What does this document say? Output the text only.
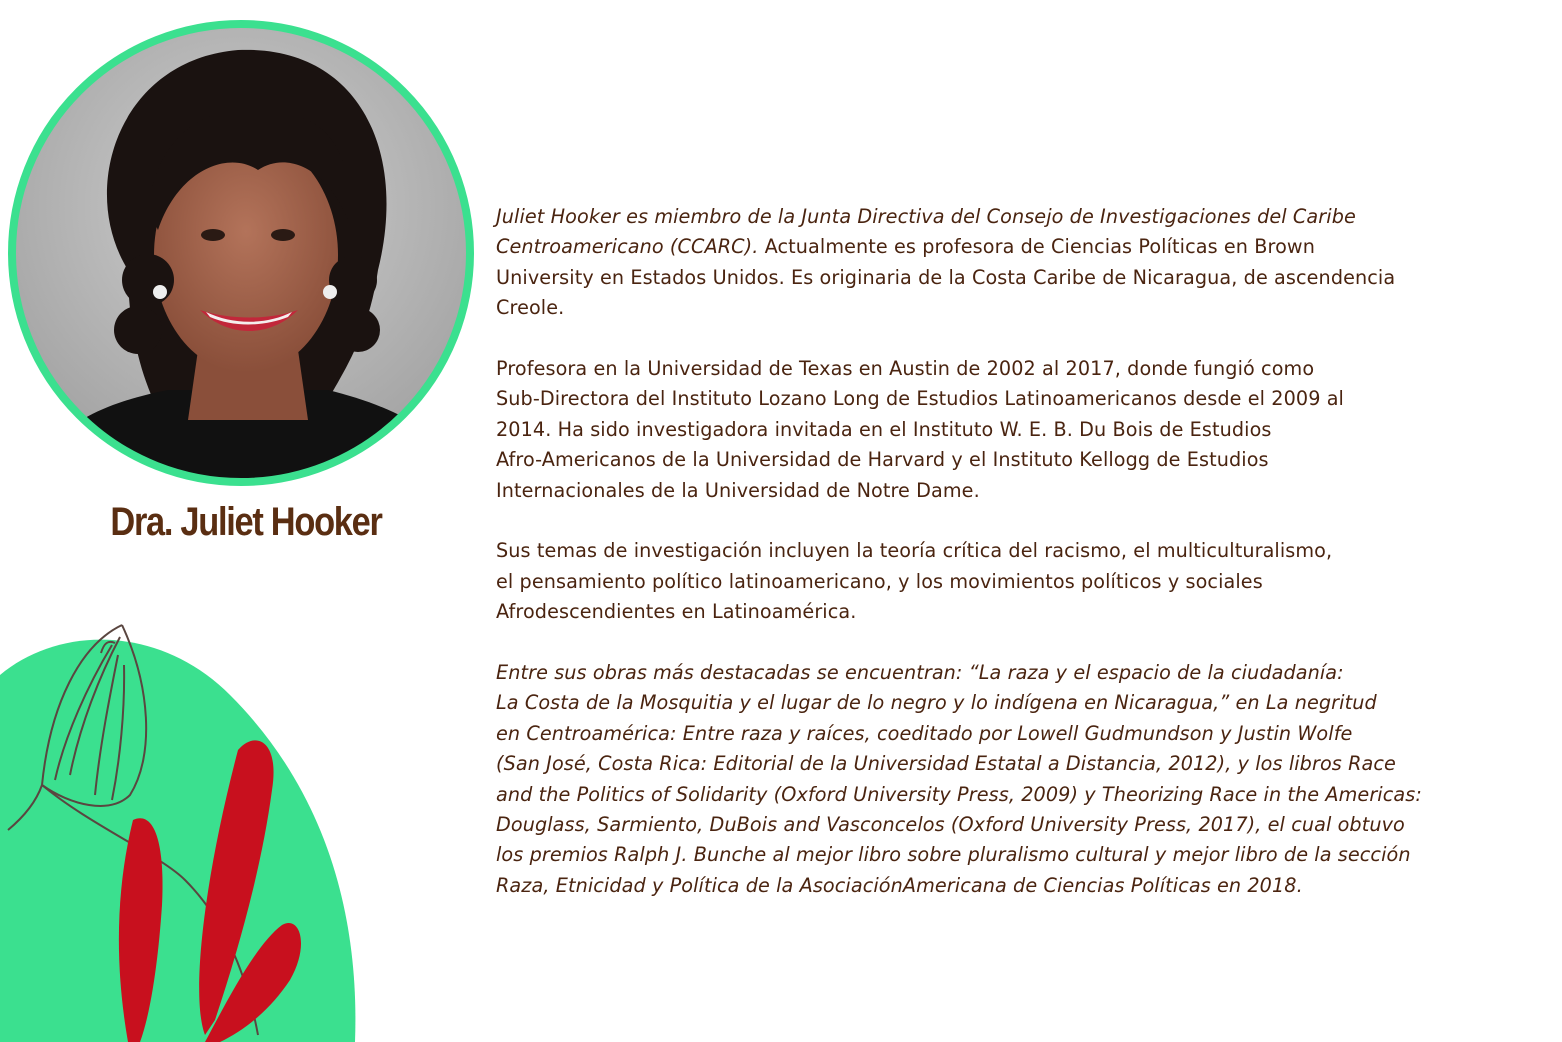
Dra. Juliet Hooker

Juliet Hooker es miembro de la Junta Directiva del Consejo de Investigaciones del Caribe
Centroamericano (CCARC). Actualmente es profesora de Ciencias Políticas en Brown
University en Estados Unidos. Es originaria de la Costa Caribe de Nicaragua, de ascendencia
Creole.

Profesora en la Universidad de Texas en Austin de 2002 al 2017, donde fungió como
Sub-Directora del Instituto Lozano Long de Estudios Latinoamericanos desde el 2009 al
2014. Ha sido investigadora invitada en el Instituto W. E. B. Du Bois de Estudios
Afro-Americanos de la Universidad de Harvard y el Instituto Kellogg de Estudios
Internacionales de la Universidad de Notre Dame.

Sus temas de investigación incluyen la teoría crítica del racismo, el multiculturalismo,
el pensamiento político latinoamericano, y los movimientos políticos y sociales
Afrodescendientes en Latinoamérica.

Entre sus obras más destacadas se encuentran: “La raza y el espacio de la ciudadanía:
La Costa de la Mosquitia y el lugar de lo negro y lo indígena en Nicaragua,” en La negritud
en Centroamérica: Entre raza y raíces, coeditado por Lowell Gudmundson y Justin Wolfe
(San José, Costa Rica: Editorial de la Universidad Estatal a Distancia, 2012), y los libros Race
and the Politics of Solidarity (Oxford University Press, 2009) y Theorizing Race in the Americas:
Douglass, Sarmiento, DuBois and Vasconcelos (Oxford University Press, 2017), el cual obtuvo
los premios Ralph J. Bunche al mejor libro sobre pluralismo cultural y mejor libro de la sección
Raza, Etnicidad y Política de la AsociaciónAmericana de Ciencias Políticas en 2018.
